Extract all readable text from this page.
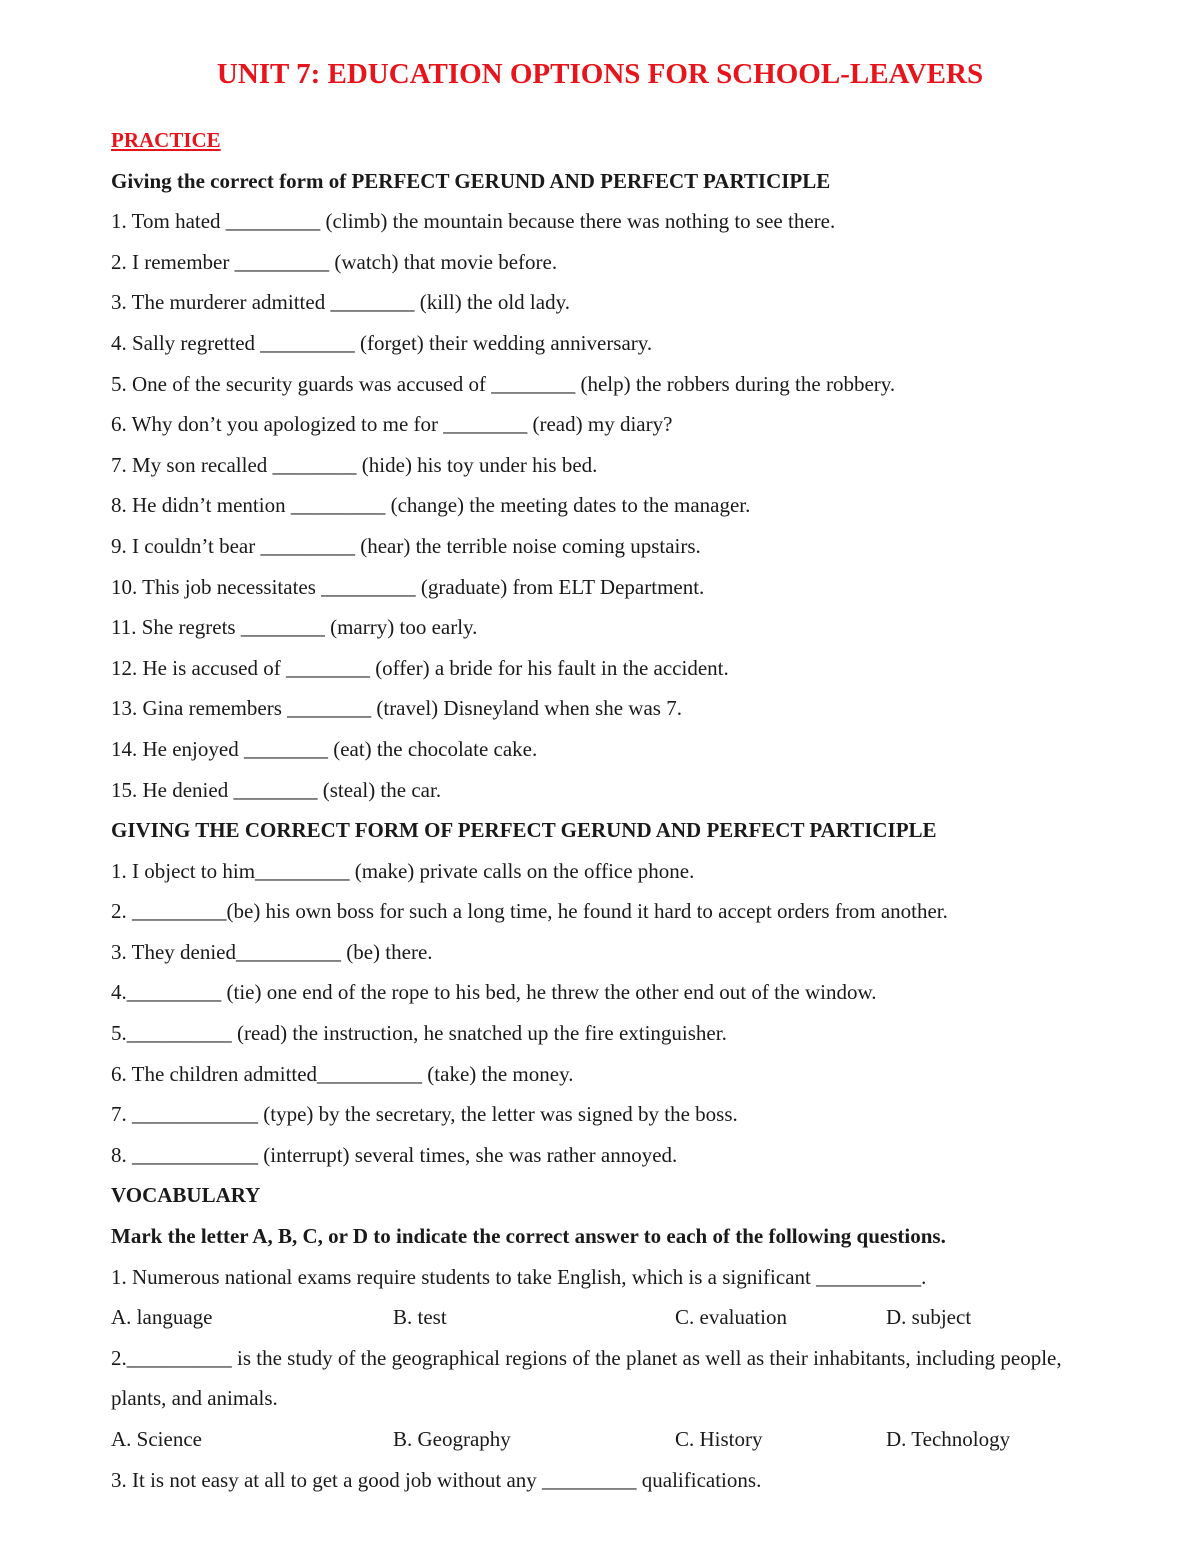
UNIT 7: EDUCATION OPTIONS FOR SCHOOL-LEAVERS

PRACTICE

Giving the correct form of PERFECT GERUND AND PERFECT PARTICIPLE

1. Tom hated _________ (climb) the mountain because there was nothing to see there.

2. I remember _________ (watch) that movie before.

3. The murderer admitted ________ (kill) the old lady.

4. Sally regretted _________ (forget) their wedding anniversary.

5. One of the security guards was accused of ________ (help) the robbers during the robbery.

6. Why don’t you apologized to me for ________ (read) my diary?

7. My son recalled ________ (hide) his toy under his bed.

8. He didn’t mention _________ (change) the meeting dates to the manager.

9. I couldn’t bear _________ (hear) the terrible noise coming upstairs.

10. This job necessitates _________ (graduate) from ELT Department.

11. She regrets ________ (marry) too early.

12. He is accused of ________ (offer) a bride for his fault in the accident.

13. Gina remembers ________ (travel) Disneyland when she was 7.

14. He enjoyed ________ (eat) the chocolate cake.

15. He denied ________ (steal) the car.

GIVING THE CORRECT FORM OF PERFECT GERUND AND PERFECT PARTICIPLE

1. I object to him_________ (make) private calls on the office phone.

2. _________(be) his own boss for such a long time, he found it hard to accept orders from another.

3. They denied__________ (be) there.

4._________ (tie) one end of the rope to his bed, he threw the other end out of the window.

5.__________ (read) the instruction, he snatched up the fire extinguisher.

6. The children admitted__________ (take) the money.

7. ____________ (type) by the secretary, the letter was signed by the boss.

8. ____________ (interrupt) several times, she was rather annoyed.

VOCABULARY

Mark the letter A, B, C, or D to indicate the correct answer to each of the following questions.

1. Numerous national exams require students to take English, which is a significant __________.

A. language	B. test	C. evaluation	D. subject

2.__________ is the study of the geographical regions of the planet as well as their inhabitants, including people, plants, and animals.

A. Science	B. Geography	C. History	D. Technology

3. It is not easy at all to get a good job without any _________ qualifications.
